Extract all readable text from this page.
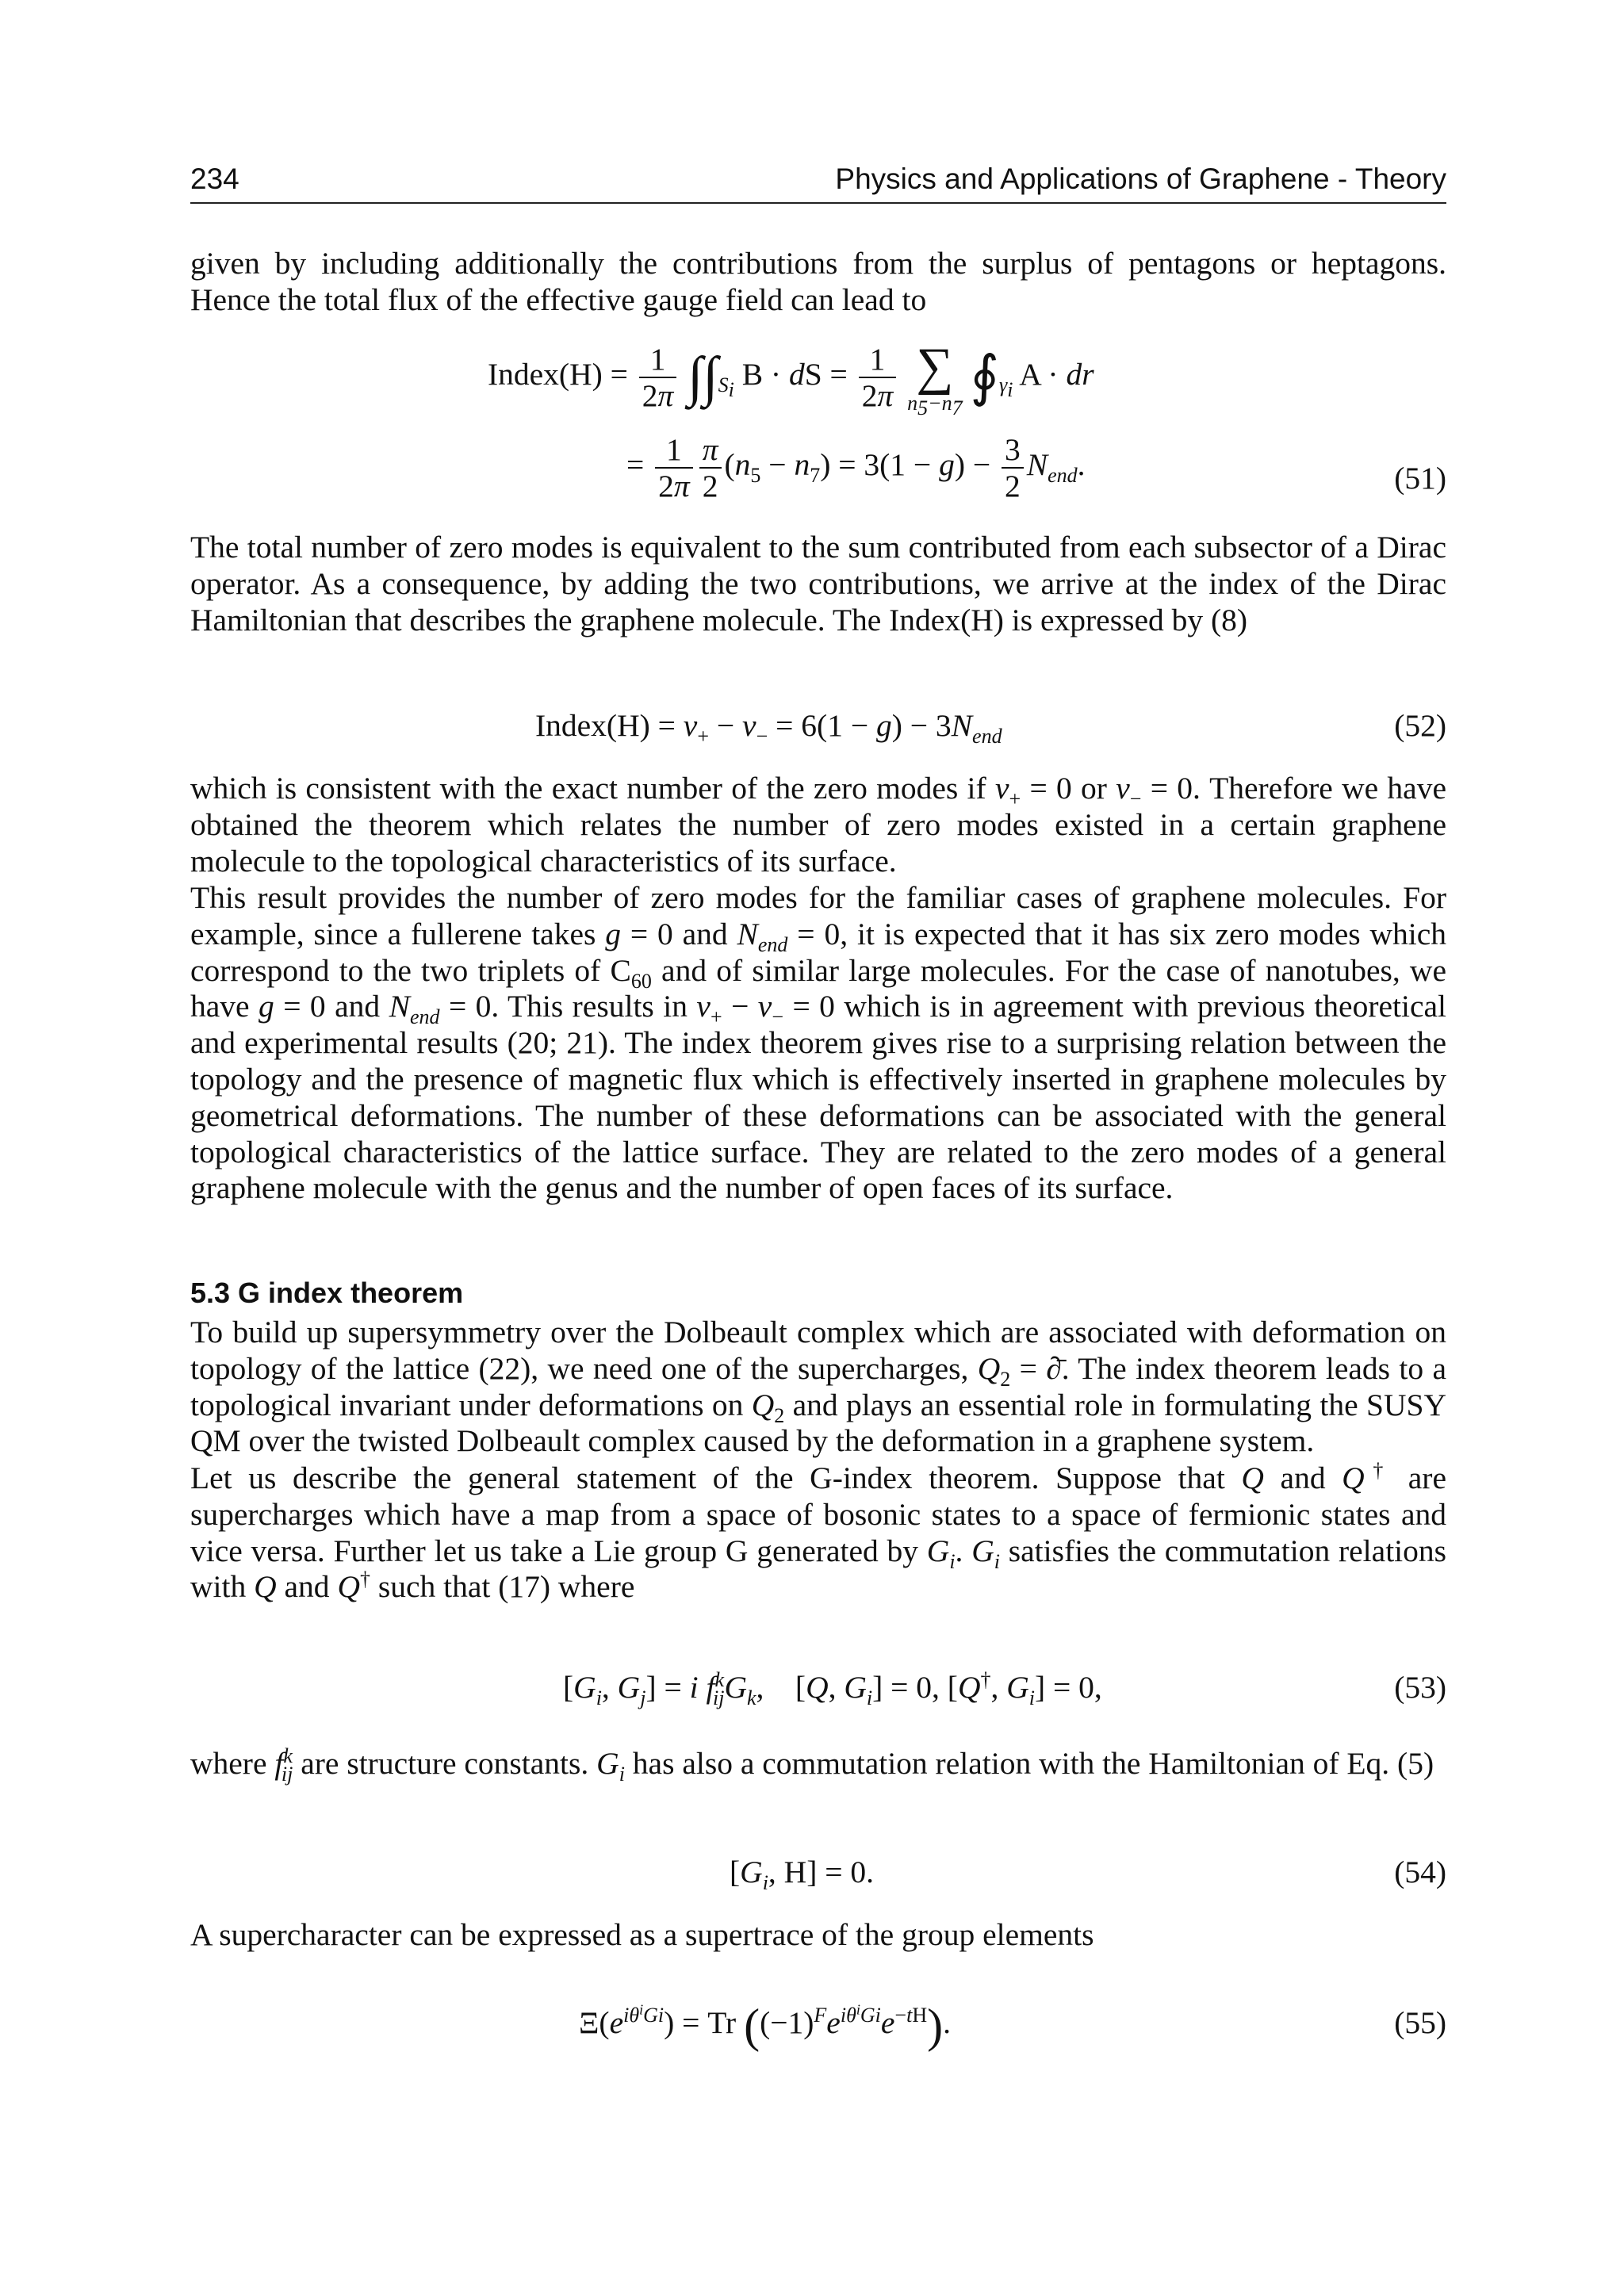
234	Physics and Applications of Graphene - Theory

given by including additionally the contributions from the surplus of pentagons or heptagons. Hence the total flux of the effective gauge field can lead to

Index(H) = $\frac{1}{2\pi} \int\int_{S_i}$ B · dS = $\frac{1}{2\pi}$
∑
$n_5-n_7$
$∮_{\gamma_i}$ A · dr⃗
= $\frac{1}{2\pi} \frac{\pi}{2} (n_5 - n_7) = 3(1 - g) - \frac{3}{2} N_{end}$.	(51)

The total number of zero modes is equivalent to the sum contributed from each subsector of a Dirac operator. As a consequence, by adding the two contributions, we arrive at the index of the Dirac Hamiltonian that describes the graphene molecule. The Index(H) is expressed by (8)

Index(H) = $\nu_+ - \nu_- = 6(1 - g) - 3N_{end}$	(52)

which is consistent with the exact number of the zero modes if $\nu_+ = 0$ or $\nu_- = 0$. Therefore we have obtained the theorem which relates the number of zero modes existed in a certain graphene molecule to the topological characteristics of its surface.

This result provides the number of zero modes for the familiar cases of graphene molecules. For example, since a fullerene takes g = 0 and $N_{end} = 0$, it is expected that it has six zero modes which correspond to the two triplets of $C_{60}$ and of similar large molecules. For the case of nanotubes, we have g = 0 and $N_{end} = 0$. This results in $\nu_+ - \nu_- = 0$ which is in agreement with previous theoretical and experimental results (20; 21). The index theorem gives rise to a surprising relation between the topology and the presence of magnetic flux which is effectively inserted in graphene molecules by geometrical deformations. The number of these deformations can be associated with the general topological characteristics of the lattice surface. They are related to the zero modes of a general graphene molecule with the genus and the number of open faces of its surface.

5.3 G index theorem

To build up supersymmetry over the Dolbeault complex which are associated with deformation on topology of the lattice (22), we need one of the supercharges, $Q_2$ = ∂̄. The index theorem leads to a topological invariant under deformations on $Q_2$ and plays an essential role in formulating the SUSY QM over the twisted Dolbeault complex caused by the deformation in a graphene system.

Let us describe the general statement of the G-index theorem. Suppose that Q and Q† are supercharges which have a map from a space of bosonic states to a space of fermionic states and vice versa. Further let us take a Lie group G generated by $G_i$. $G_i$ satisfies the commutation relations with Q and Q† such that (17) where

[$G_i$, $G_j] = i$ $f^k_{ij}G_k$,    [Q, $G_i] = 0$, [Q†, $G_i] = 0$,	(53)

where $f^k_{ij}$ are structure constants. $G_i$ has also a commutation relation with the Hamiltonian of Eq. (5)

[$G_i$, H] = 0.	(54)

A supercharacter can be expressed as a supertrace of the group elements

$\Xi(e^{i\theta^iGi}) = Tr$ $((-1)^Fe^{i\theta^iGi}e^{-tH})$.	(55)
